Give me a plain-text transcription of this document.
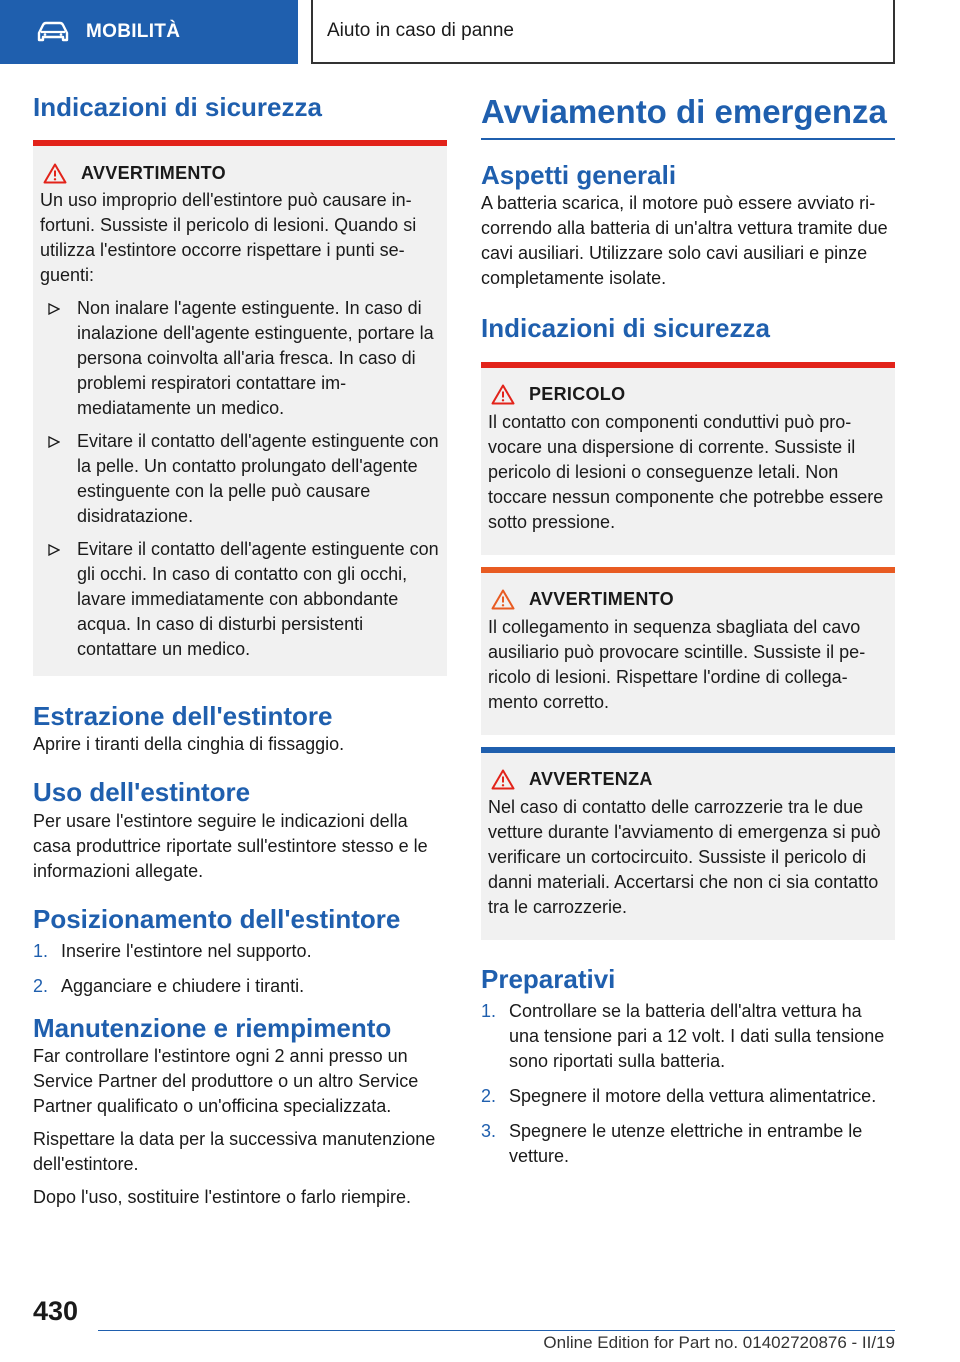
MOBILITÀ	Aiuto in caso di panne
Indicazioni di sicurezza
AVVERTIMENTO

Un uso improprio dell'estintore può causare infortuni. Sussiste il pericolo di lesioni. Quando si utilizza l'estintore occorre rispettare i punti seguenti:

Non inalare l'agente estinguente. In caso di inalazione dell'agente estinguente, portare la persona coinvolta all'aria fresca. In caso di problemi respiratori contattare immediatamente un medico.
Evitare il contatto dell'agente estinguente con la pelle. Un contatto prolungato dell'agente estinguente con la pelle può causare disidratazione.
Evitare il contatto dell'agente estinguente con gli occhi. In caso di contatto con gli occhi, lavare immediatamente con abbondante acqua. In caso di disturbi persistenti contattare un medico.
Estrazione dell'estintore

Aprire i tiranti della cinghia di fissaggio.

Uso dell'estintore

Per usare l'estintore seguire le indicazioni della casa produttrice riportate sull'estintore stesso e le informazioni allegate.

Posizionamento dell'estintore
1. Inserire l'estintore nel supporto.
2. Agganciare e chiudere i tiranti.
Manutenzione e riempimento

Far controllare l'estintore ogni 2 anni presso un Service Partner del produttore o un altro Service Partner qualificato o un'officina specializzata.

Rispettare la data per la successiva manutenzione dell'estintore.

Dopo l'uso, sostituire l'estintore o farlo riempire.

Avviamento di emergenza
Aspetti generali

A batteria scarica, il motore può essere avviato ricorrendo alla batteria di un'altra vettura tramite due cavi ausiliari. Utilizzare solo cavi ausiliari e pinze completamente isolate.

Indicazioni di sicurezza
PERICOLO

Il contatto con componenti conduttivi può provocare una dispersione di corrente. Sussiste il pericolo di lesioni o conseguenze letali. Non toccare nessun componente che potrebbe essere sotto pressione.

AVVERTIMENTO

Il collegamento in sequenza sbagliata del cavo ausiliario può provocare scintille. Sussiste il pericolo di lesioni. Rispettare l'ordine di collegamento corretto.

AVVERTENZA

Nel caso di contatto delle carrozzerie tra le due vetture durante l'avviamento di emergenza si può verificare un cortocircuito. Sussiste il pericolo di danni materiali. Accertarsi che non ci sia contatto tra le carrozzerie.

Preparativi
1. Controllare se la batteria dell'altra vettura ha una tensione pari a 12 volt. I dati sulla tensione sono riportati sulla batteria.
2. Spegnere il motore della vettura alimentatrice.
3. Spegnere le utenze elettriche in entrambe le vetture.
430
Online Edition for Part no. 01402720876 - II/19
